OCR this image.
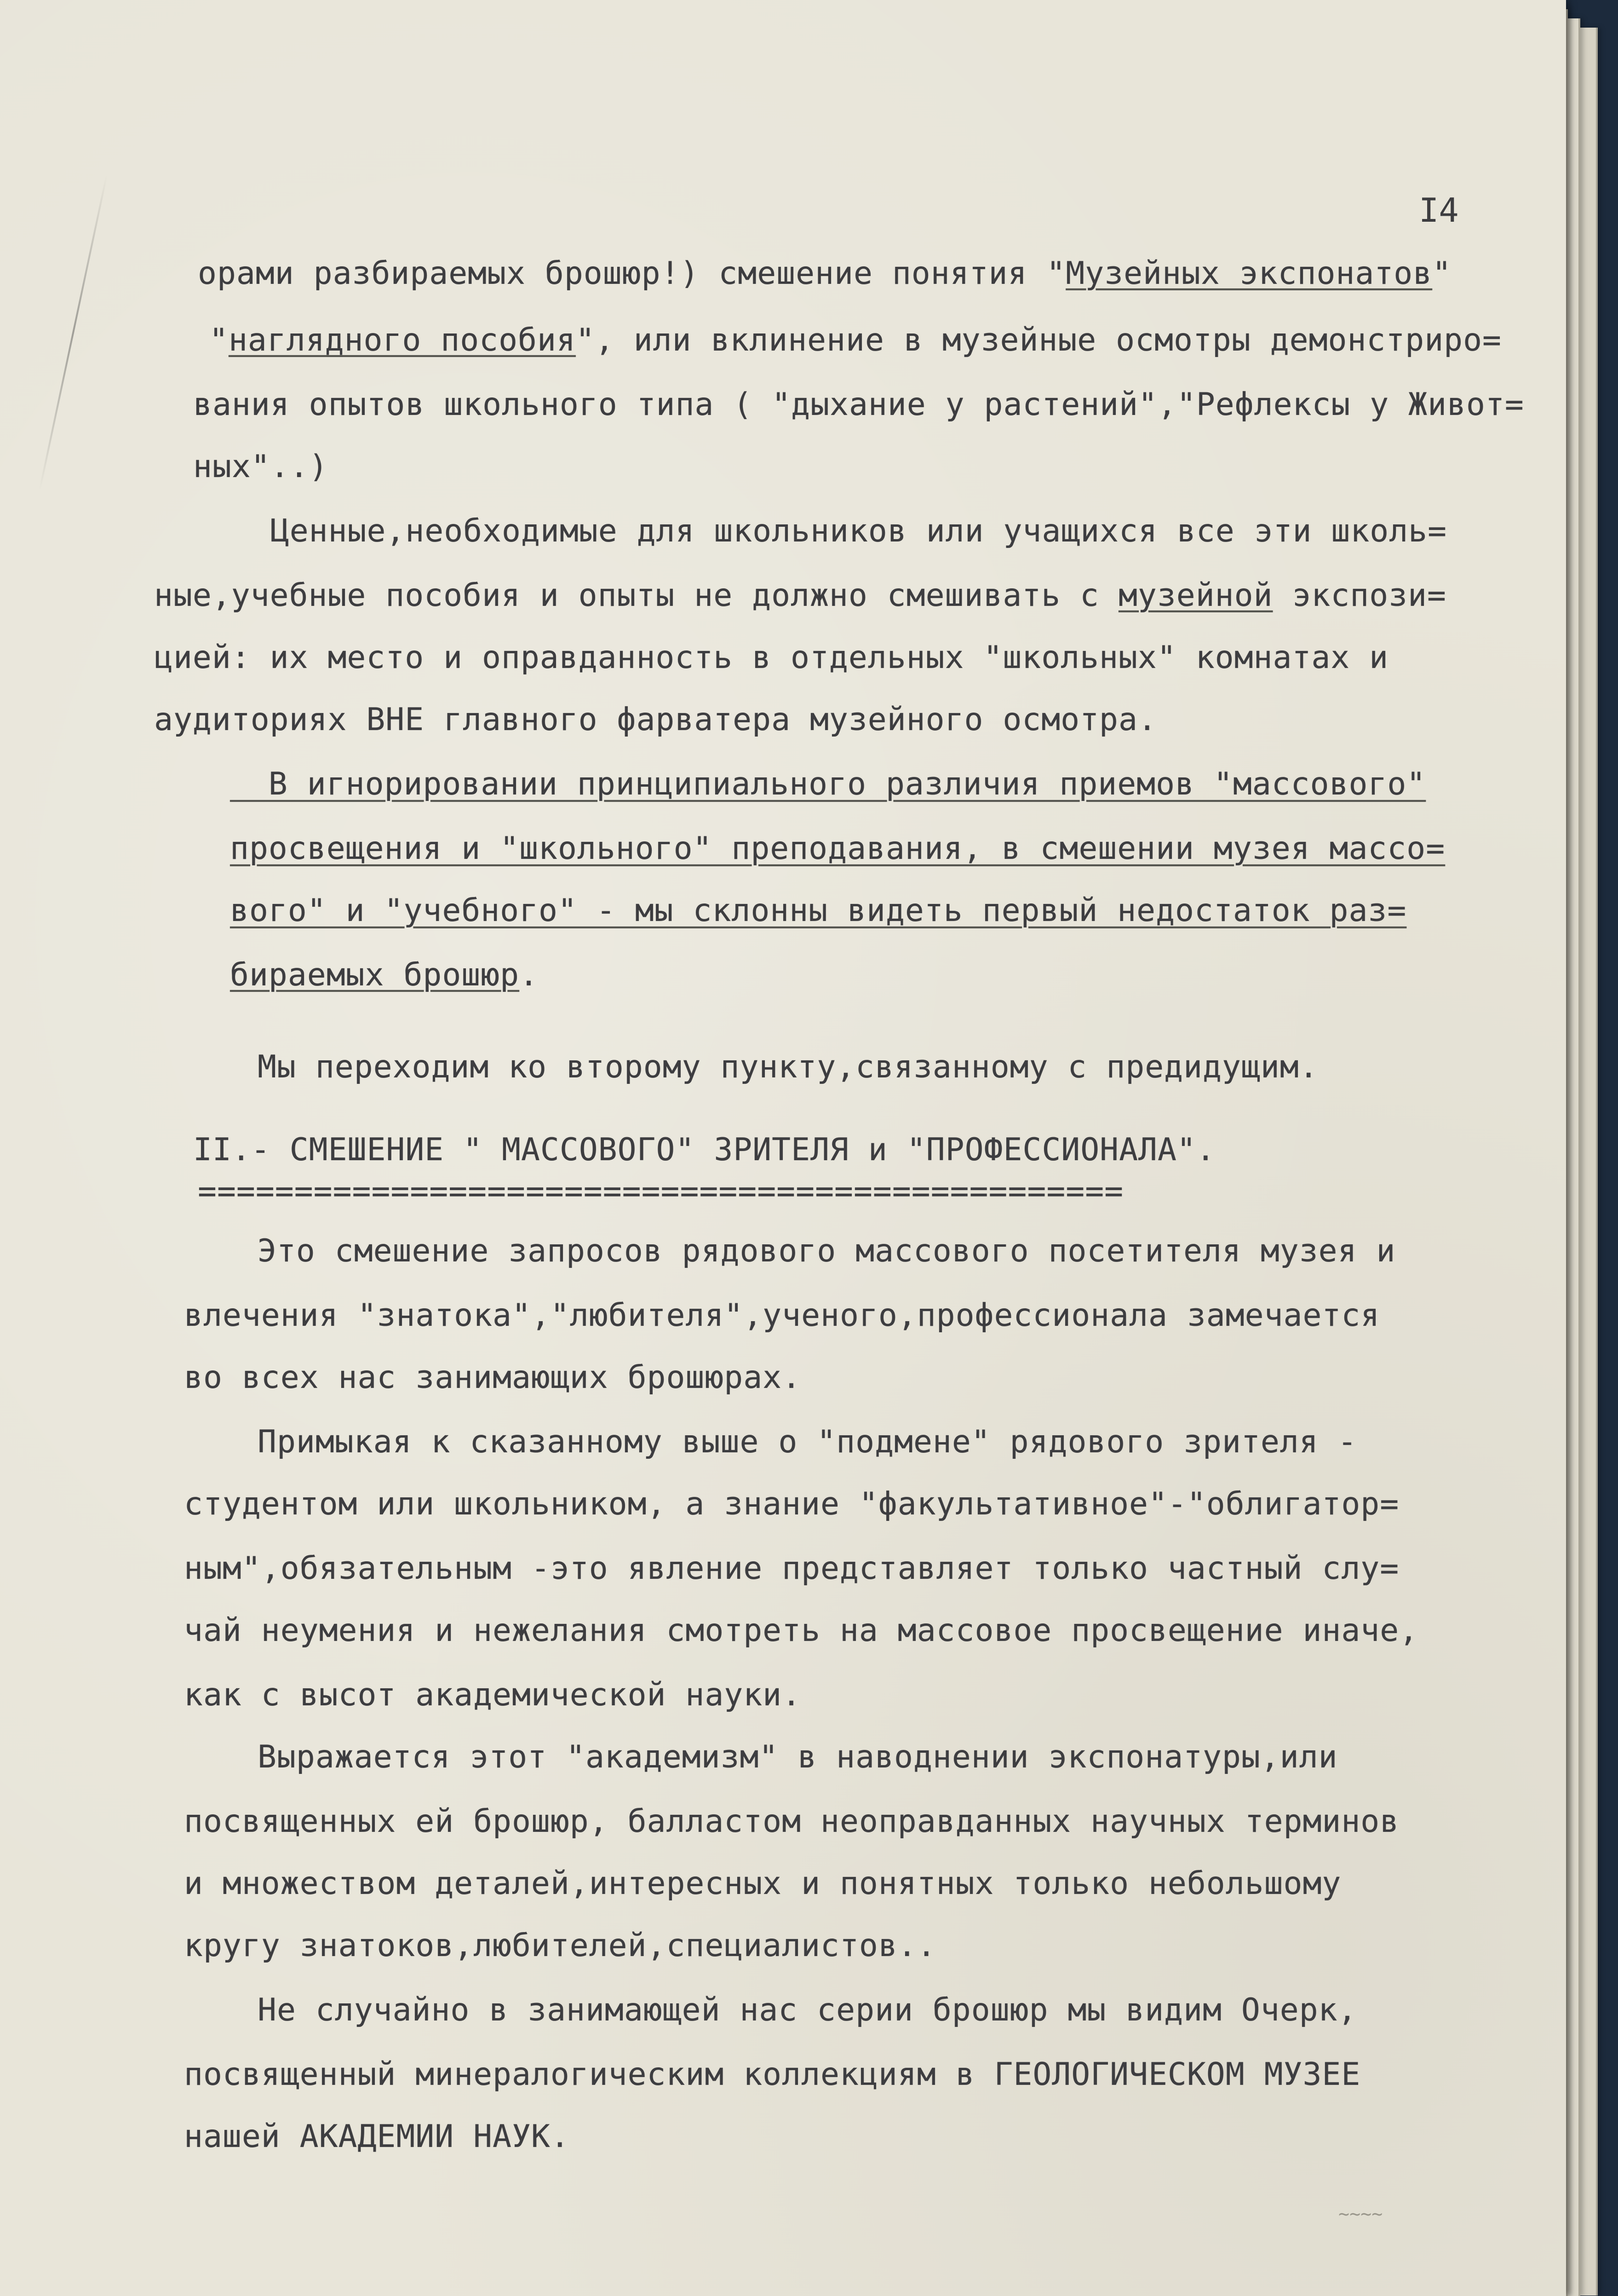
I4
орами разбираемых брошюр!) смешение понятия "Музейных экспонатов"
"наглядного пособия", или вклинение в музейные осмотры демонстриро=
вания опытов школьного типа ( "дыхание у растений","Рефлексы у Живот=
ных"..)
Ценные,необходимые для школьников или учащихся все эти школь=
ные,учебные пособия и опыты не должно смешивать с музейной экспози=
цией: их место и оправданность в отдельных "школьных" комнатах и
аудиториях ВНЕ главного фарватера музейного осмотра.
В игнорировании принципиального различия приемов "массового"
просвещения и "школьного" преподавания, в смешении музея массо=
вого" и "учебного" - мы склонны видеть первый недостаток раз=
бираемых брошюр.
Мы переходим ко второму пункту,связанному с предидущим.
II.- СМЕШЕНИЕ " МАССОВОГО" ЗРИТЕЛЯ и "ПРОФЕССИОНАЛА".
================================================
Это смешение запросов рядового массового посетителя музея и
влечения "знатока","любителя",ученого,профессионала замечается
во всех нас занимающих брошюрах.
Примыкая к сказанному выше о "подмене" рядового зрителя -
студентом или школьником, а знание "факультативное"-"облигатор=
ным",обязательным -это явление представляет только частный слу=
чай неумения и нежелания смотреть на массовое просвещение иначе,
как с высот академической науки.
Выражается этот "академизм" в наводнении экспонатуры,или
посвященных ей брошюр, балластом неоправданных научных терминов
и множеством деталей,интересных и понятных только небольшому
кругу знатоков,любителей,специалистов..
Не случайно в занимающей нас серии брошюр мы видим Очерк,
посвященный минералогическим коллекциям в ГЕОЛОГИЧЕСКОМ МУЗЕЕ
нашей АКАДЕМИИ НАУК.
~~~~
